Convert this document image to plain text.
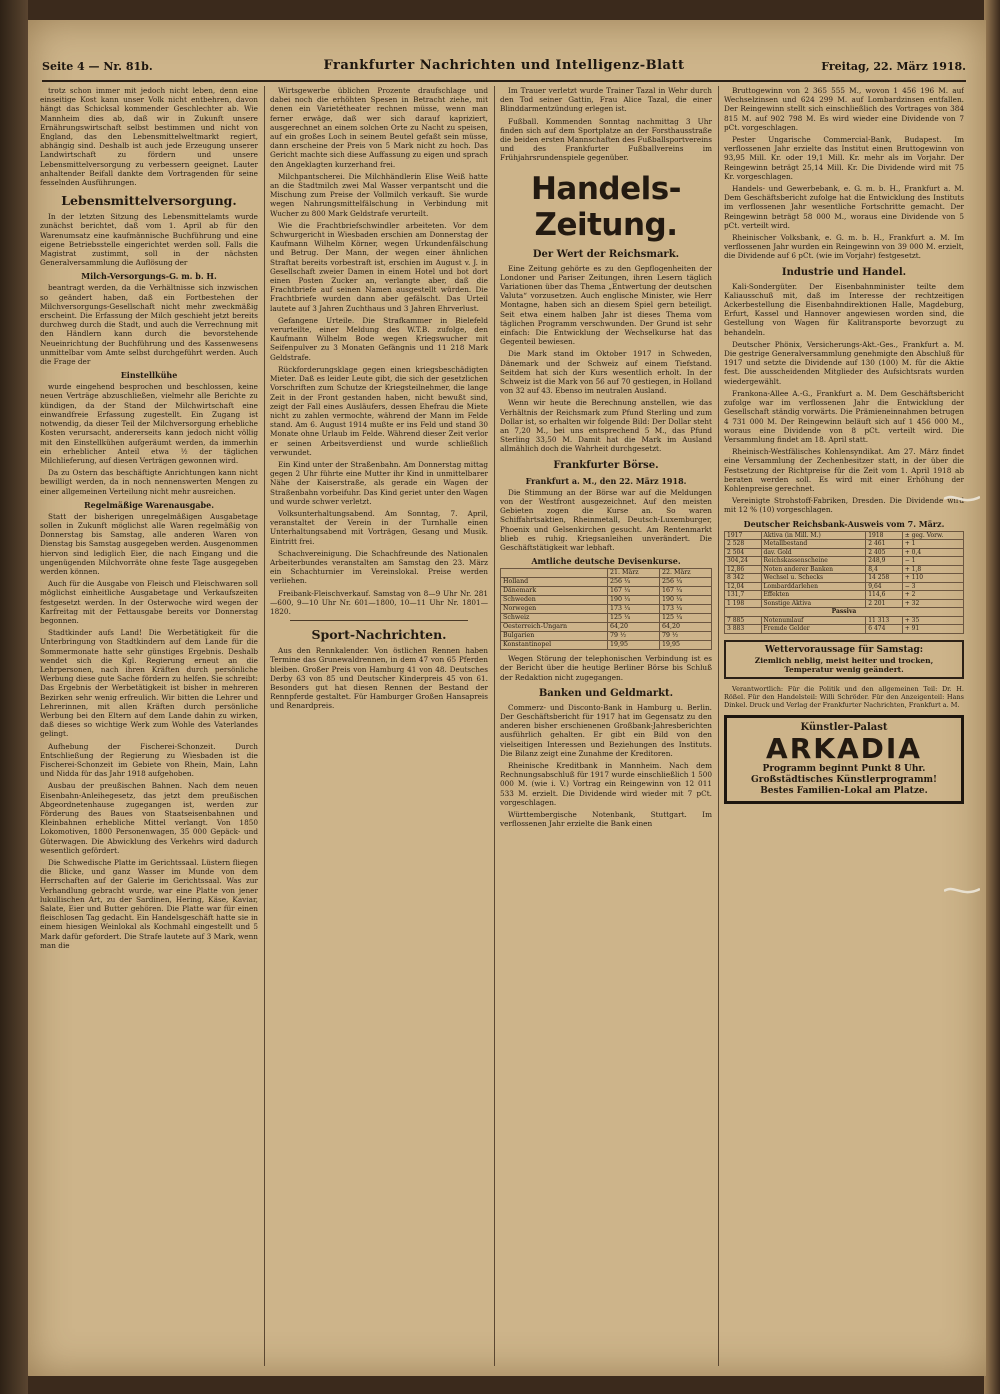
Seite 4 — Nr. 81b.	Frankfurter Nachrichten und Intelligenz-Blatt	Freitag, 22. März 1918.

trotz schon immer mit jedoch nicht leben, denn eine einseitige Kost kann unser Volk nicht entbehren, davon hängt das Schicksal kommender Geschlechter ab. Wie Mannheim dies ab, daß wir in Zukunft unsere Ernährungswirtschaft selbst bestimmen und nicht von England, das den Lebensmittelweltmarkt regiert, abhängig sind. Deshalb ist auch jede Erzeugung unserer Landwirtschaft zu fördern und unsere Lebensmittelversorgung zu verbessern geeignet. Lauter anhaltender Beifall dankte dem Vortragenden für seine fesselnden Ausführungen.

Lebensmittelversorgung.

In der letzten Sitzung des Lebensmittelamts wurde zunächst berichtet, daß vom 1. April ab für den Warenumsatz eine kaufmännische Buchführung und eine eigene Betriebsstelle eingerichtet werden soll. Falls die Magistrat zustimmt, soll in der nächsten Generalversammlung die Auflösung der

Milch-Versorgungs-G. m. b. H.

beantragt werden, da die Verhältnisse sich inzwischen so geändert haben, daß ein Fortbestehen der Milchversorgungs-Gesellschaft nicht mehr zweckmäßig erscheint. Die Erfassung der Milch geschieht jetzt bereits durchweg durch die Stadt, und auch die Verrechnung mit den Händlern kann durch die bevorstehende Neueinrichtung der Buchführung und des Kassenwesens unmittelbar vom Amte selbst durchgeführt werden. Auch die Frage der

Einstellkühe

wurde eingehend besprochen und beschlossen, keine neuen Verträge abzuschließen, vielmehr alle Berichte zu kündigen, da der Stand der Milchwirtschaft eine einwandfreie Erfassung zugestellt. Ein Zugang ist notwendig, da dieser Teil der Milchversorgung erhebliche Kosten verursacht, andererseits kann jedoch nicht völlig mit den Einstellkühen aufgeräumt werden, da immerhin ein erheblicher Anteil etwa ½ der täglichen Milchlieferung, auf diesen Verträgen gewonnen wird.

Da zu Ostern das beschäftigte Anrichtungen kann nicht bewilligt werden, da in noch nennenswerten Mengen zu einer allgemeinen Verteilung nicht mehr ausreichen.

Regelmäßige Warenausgabe.

Statt der bisherigen unregelmäßigen Ausgabetage sollen in Zukunft möglichst alle Waren regelmäßig von Donnerstag bis Samstag, alle anderen Waren von Dienstag bis Samstag ausgegeben werden. Ausgenommen hiervon sind lediglich Eier, die nach Eingang und die ungenügenden Milchvorräte ohne feste Tage ausgegeben werden können.

Auch für die Ausgabe von Fleisch und Fleischwaren soll möglichst einheitliche Ausgabetage und Verkaufszeiten festgesetzt werden. In der Osterwoche wird wegen der Karfreitag mit der Fettausgabe bereits vor Donnerstag begonnen.

Stadtkinder aufs Land! Die Werbetätigkeit für die Unterbringung von Stadtkindern auf dem Lande für die Sommermonate hatte sehr günstiges Ergebnis. Deshalb wendet sich die Kgl. Regierung erneut an die Lehrpersonen, nach ihren Kräften durch persönliche Werbung diese gute Sache fördern zu helfen. Sie schreibt: Das Ergebnis der Werbetätigkeit ist bisher in mehreren Bezirken sehr wenig erfreulich. Wir bitten die Lehrer und Lehrerinnen, mit allen Kräften durch persönliche Werbung bei den Eltern auf dem Lande dahin zu wirken, daß dieses so wichtige Werk zum Wohle des Vaterlandes gelingt.

Aufhebung der Fischerei-Schonzeit. Durch Entschließung der Regierung zu Wiesbaden ist die Fischerei-Schonzeit im Gebiete von Rhein, Main, Lahn und Nidda für das Jahr 1918 aufgehoben.

Ausbau der preußischen Bahnen. Nach dem neuen Eisenbahn-Anleihegesetz, das jetzt dem preußischen Abgeordnetenhause zugegangen ist, werden zur Förderung des Baues von Staatseisenbahnen und Kleinbahnen erhebliche Mittel verlangt. Von 1850 Lokomotiven, 1800 Personenwagen, 35 000 Gepäck- und Güterwagen. Die Abwicklung des Verkehrs wird dadurch wesentlich gefördert.

Die Schwedische Platte im Gerichtssaal. Lüstern fliegen die Blicke, und ganz Wasser im Munde von dem Herrschaften auf der Galerie im Gerichtssaal. Was zur Verhandlung gebracht wurde, war eine Platte von jener lukullischen Art, zu der Sardinen, Hering, Käse, Kaviar, Salate, Eier und Butter gehören. Die Platte war für einen fleischlosen Tag gedacht. Ein Handelsgeschäft hatte sie in einem hiesigen Weinlokal als Kochmahl eingestellt und 5 Mark dafür gefordert. Die Strafe lautete auf 3 Mark, wenn man die

Wirtsgewerbe üblichen Prozente draufschlage und dabei noch die erhöhten Spesen in Betracht ziehe, mit denen ein Varietétheater rechnen müsse, wenn man ferner erwäge, daß wer sich darauf kapriziert, ausgerechnet an einem solchen Orte zu Nacht zu speisen, auf ein großes Loch in seinem Beutel gefaßt sein müsse, dann erscheine der Preis von 5 Mark nicht zu hoch. Das Gericht machte sich diese Auffassung zu eigen und sprach den Angeklagten kurzerhand frei.

Milchpantscherei. Die Milchhändlerin Elise Weiß hatte an die Stadtmilch zwei Mal Wasser verpantscht und die Mischung zum Preise der Vollmilch verkauft. Sie wurde wegen Nahrungsmittelfälschung in Verbindung mit Wucher zu 800 Mark Geldstrafe verurteilt.

Wie die Frachtbriefschwindler arbeiteten. Vor dem Schwurgericht in Wiesbaden erschien am Donnerstag der Kaufmann Wilhelm Körner, wegen Urkundenfälschung und Betrug. Der Mann, der wegen einer ähnlichen Straftat bereits vorbestraft ist, erschien im August v. J. in Gesellschaft zweier Damen in einem Hotel und bot dort einen Posten Zucker an, verlangte aber, daß die Frachtbriefe auf seinen Namen ausgestellt würden. Die Frachtbriefe wurden dann aber gefälscht. Das Urteil lautete auf 3 Jahren Zuchthaus und 3 Jahren Ehrverlust.

Gefangene Urteile. Die Strafkammer in Bielefeld verurteilte, einer Meldung des W.T.B. zufolge, den Kaufmann Wilhelm Bode wegen Kriegswucher mit Seifenpulver zu 3 Monaten Gefängnis und 11 218 Mark Geldstrafe.

Rückforderungsklage gegen einen kriegsbeschädigten Mieter. Daß es leider Leute gibt, die sich der gesetzlichen Vorschriften zum Schutze der Kriegsteilnehmer, die lange Zeit in der Front gestanden haben, nicht bewußt sind, zeigt der Fall eines Ausläufers, dessen Ehefrau die Miete nicht zu zahlen vermochte, während der Mann im Felde stand. Am 6. August 1914 mußte er ins Feld und stand 30 Monate ohne Urlaub im Felde. Während dieser Zeit verlor er seinen Arbeitsverdienst und wurde schließlich verwundet.

Ein Kind unter der Straßenbahn. Am Donnerstag mittag gegen 2 Uhr führte eine Mutter ihr Kind in unmittelbarer Nähe der Kaiserstraße, als gerade ein Wagen der Straßenbahn vorbeifuhr. Das Kind geriet unter den Wagen und wurde schwer verletzt.

Volksunterhaltungsabend. Am Sonntag, 7. April, veranstaltet der Verein in der Turnhalle einen Unterhaltungsabend mit Vorträgen, Gesang und Musik. Eintritt frei.

Schachvereinigung. Die Schachfreunde des Nationalen Arbeiterbundes veranstalten am Samstag den 23. März ein Schachturnier im Vereinslokal. Preise werden verliehen.

Freibank-Fleischverkauf. Samstag von 8—9 Uhr Nr. 281—600, 9—10 Uhr Nr. 601—1800, 10—11 Uhr Nr. 1801—1820.

Sport-Nachrichten.

Aus den Rennkalender. Von östlichen Rennen haben Termine das Grunewaldrennen, in dem 47 von 65 Pferden bleiben. Großer Preis von Hamburg 41 von 48. Deutsches Derby 63 von 85 und Deutscher Kinderpreis 45 von 61. Besonders gut hat diesen Rennen der Bestand der Rennpferde gestaltet. Für Hamburger Großen Hansapreis und Renardpreis.

Im Trauer verletzt wurde Trainer Tazal in Wehr durch den Tod seiner Gattin, Frau Alice Tazal, die einer Blinddarmentzündung erlegen ist.

Fußball. Kommenden Sonntag nachmittag 3 Uhr finden sich auf dem Sportplatze an der Forsthausstraße die beiden ersten Mannschaften des Fußballsportvereins und des Frankfurter Fußballvereins im Frühjahrsrundenspiele gegenüber.

Handels-Zeitung.
Der Wert der Reichsmark.

Eine Zeitung gehörte es zu den Gepflogenheiten der Londoner und Pariser Zeitungen, ihren Lesern täglich Variationen über das Thema „Entwertung der deutschen Valuta“ vorzusetzen. Auch englische Minister, wie Herr Montagne, haben sich an diesem Spiel gern beteiligt. Seit etwa einem halben Jahr ist dieses Thema vom täglichen Programm verschwunden. Der Grund ist sehr einfach: Die Entwicklung der Wechselkurse hat das Gegenteil bewiesen.

Die Mark stand im Oktober 1917 in Schweden, Dänemark und der Schweiz auf einem Tiefstand. Seitdem hat sich der Kurs wesentlich erholt. In der Schweiz ist die Mark von 56 auf 70 gestiegen, in Holland von 32 auf 43. Ebenso im neutralen Ausland.

Wenn wir heute die Berechnung anstellen, wie das Verhältnis der Reichsmark zum Pfund Sterling und zum Dollar ist, so erhalten wir folgende Bild: Der Dollar steht an 7,20 M., bei uns entsprechend 5 M., das Pfund Sterling 33,50 M. Damit hat die Mark im Ausland allmählich doch die Wahrheit durchgesetzt.

Frankfurter Börse.
Frankfurt a. M., den 22. März 1918.

Die Stimmung an der Börse war auf die Meldungen von der Westfront ausgezeichnet. Auf den meisten Gebieten zogen die Kurse an. So waren Schiffahrtsaktien, Rheinmetall, Deutsch-Luxemburger, Phoenix und Gelsenkirchen gesucht. Am Rentenmarkt blieb es ruhig. Kriegsanleihen unverändert. Die Geschäftstätigkeit war lebhaft.

Amtliche deutsche Devisenkurse.
	21. März	22. März
Holland	256 ¼	256 ¼
Dänemark	167 ¼	167 ¼
Schweden	190 ¼	190 ¼
Norwegen	173 ¼	173 ¼
Schweiz	125 ¼	125 ¼
Oesterreich-Ungarn	64,20	64,20
Bulgarien	79 ½	79 ½
Konstantinopel	19,95	19,95

Wegen Störung der telephonischen Verbindung ist es der Bericht über die heutige Berliner Börse bis Schluß der Redaktion nicht zugegangen.

Banken und Geldmarkt.

Commerz- und Disconto-Bank in Hamburg u. Berlin. Der Geschäftsbericht für 1917 hat im Gegensatz zu den anderen bisher erschienenen Großbank-Jahresberichten ausführlich gehalten. Er gibt ein Bild von den vielseitigen Interessen und Beziehungen des Instituts. Die Bilanz zeigt eine Zunahme der Kreditoren.

Rheinische Kreditbank in Mannheim. Nach dem Rechnungsabschluß für 1917 wurde einschließlich 1 500 000 M. (wie i. V.) Vortrag ein Reingewinn von 12 011 533 M. erzielt. Die Dividende wird wieder mit 7 pCt. vorgeschlagen.

Württembergische Notenbank, Stuttgart. Im verflossenen Jahr erzielte die Bank einen

Bruttogewinn von 2 365 555 M., wovon 1 456 196 M. auf Wechselzinsen und 624 299 M. auf Lombardzinsen entfallen. Der Reingewinn stellt sich einschließlich des Vortrages von 384 815 M. auf 902 798 M. Es wird wieder eine Dividende von 7 pCt. vorgeschlagen.

Pester Ungarische Commercial-Bank, Budapest. Im verflossenen Jahr erzielte das Institut einen Bruttogewinn von 93,95 Mill. Kr. oder 19,1 Mill. Kr. mehr als im Vorjahr. Der Reingewinn beträgt 25,14 Mill. Kr. Die Dividende wird mit 75 Kr. vorgeschlagen.

Handels- und Gewerbebank, e. G. m. b. H., Frankfurt a. M. Dem Geschäftsbericht zufolge hat die Entwicklung des Instituts im verflossenen Jahr wesentliche Fortschritte gemacht. Der Reingewinn beträgt 58 000 M., woraus eine Dividende von 5 pCt. verteilt wird.

Rheinischer Volksbank, e. G. m. b. H., Frankfurt a. M. Im verflossenen Jahr wurden ein Reingewinn von 39 000 M. erzielt, die Dividende auf 6 pCt. (wie im Vorjahr) festgesetzt.

Industrie und Handel.

Kali-Sondergüter. Der Eisenbahnminister teilte dem Kaliausschuß mit, daß im Interesse der rechtzeitigen Ackerbestellung die Eisenbahndirektionen Halle, Magdeburg, Erfurt, Kassel und Hannover angewiesen worden sind, die Gestellung von Wagen für Kalitransporte bevorzugt zu behandeln.

Deutscher Phönix, Versicherungs-Akt.-Ges., Frankfurt a. M. Die gestrige Generalversammlung genehmigte den Abschluß für 1917 und setzte die Dividende auf 130 (100) M. für die Aktie fest. Die ausscheidenden Mitglieder des Aufsichtsrats wurden wiedergewählt.

Frankona-Allee A.-G., Frankfurt a. M. Dem Geschäftsbericht zufolge war im verflossenen Jahr die Entwicklung der Gesellschaft ständig vorwärts. Die Prämieneinnahmen betrugen 4 731 000 M. Der Reingewinn beläuft sich auf 1 456 000 M., woraus eine Dividende von 8 pCt. verteilt wird. Die Versammlung findet am 18. April statt.

Rheinisch-Westfälisches Kohlensyndikat. Am 27. März findet eine Versammlung der Zechenbesitzer statt, in der über die Festsetzung der Richtpreise für die Zeit vom 1. April 1918 ab beraten werden soll. Es wird mit einer Erhöhung der Kohlenpreise gerechnet.

Vereinigte Strohstoff-Fabriken, Dresden. Die Dividende wird mit 12 % (10) vorgeschlagen.

Deutscher Reichsbank-Ausweis vom 7. März.
1917	Aktiva (in Mill. M.)	1918	± geg. Vorw.
2 528	Metallbestand	2 461	+ 1
2 504	dav. Gold	2 405	+ 0,4
304,24	Reichskassenscheine	248,9	− 1
12,86	Noten anderer Banken	8,4	+ 1,8
8 342	Wechsel u. Schecks	14 258	+ 110
12,04	Lombarddarlehen	9,64	− 3
131,7	Effekten	114,6	+ 2
1 198	Sonstige Aktiva	2 201	+ 32
Passiva			
7 885	Notenumlauf	11 313	+ 35
3 883	Fremde Gelder	6 474	+ 91
Wettervoraussage für Samstag:
Ziemlich neblig, meist heiter und trocken, Temperatur wenig geändert.

Verantwortlich: Für die Politik und den allgemeinen Teil: Dr. H. Rößel. Für den Handelsteil: Willi Schröder. Für den Anzeigenteil: Hans Dinkel. Druck und Verlag der Frankfurter Nachrichten, Frankfurt a. M.

Künstler-Palast
ARKADIA
Programm beginnt Punkt 8 Uhr.
Großstädtisches Künstlerprogramm!
Bestes Familien-Lokal am Platze.
